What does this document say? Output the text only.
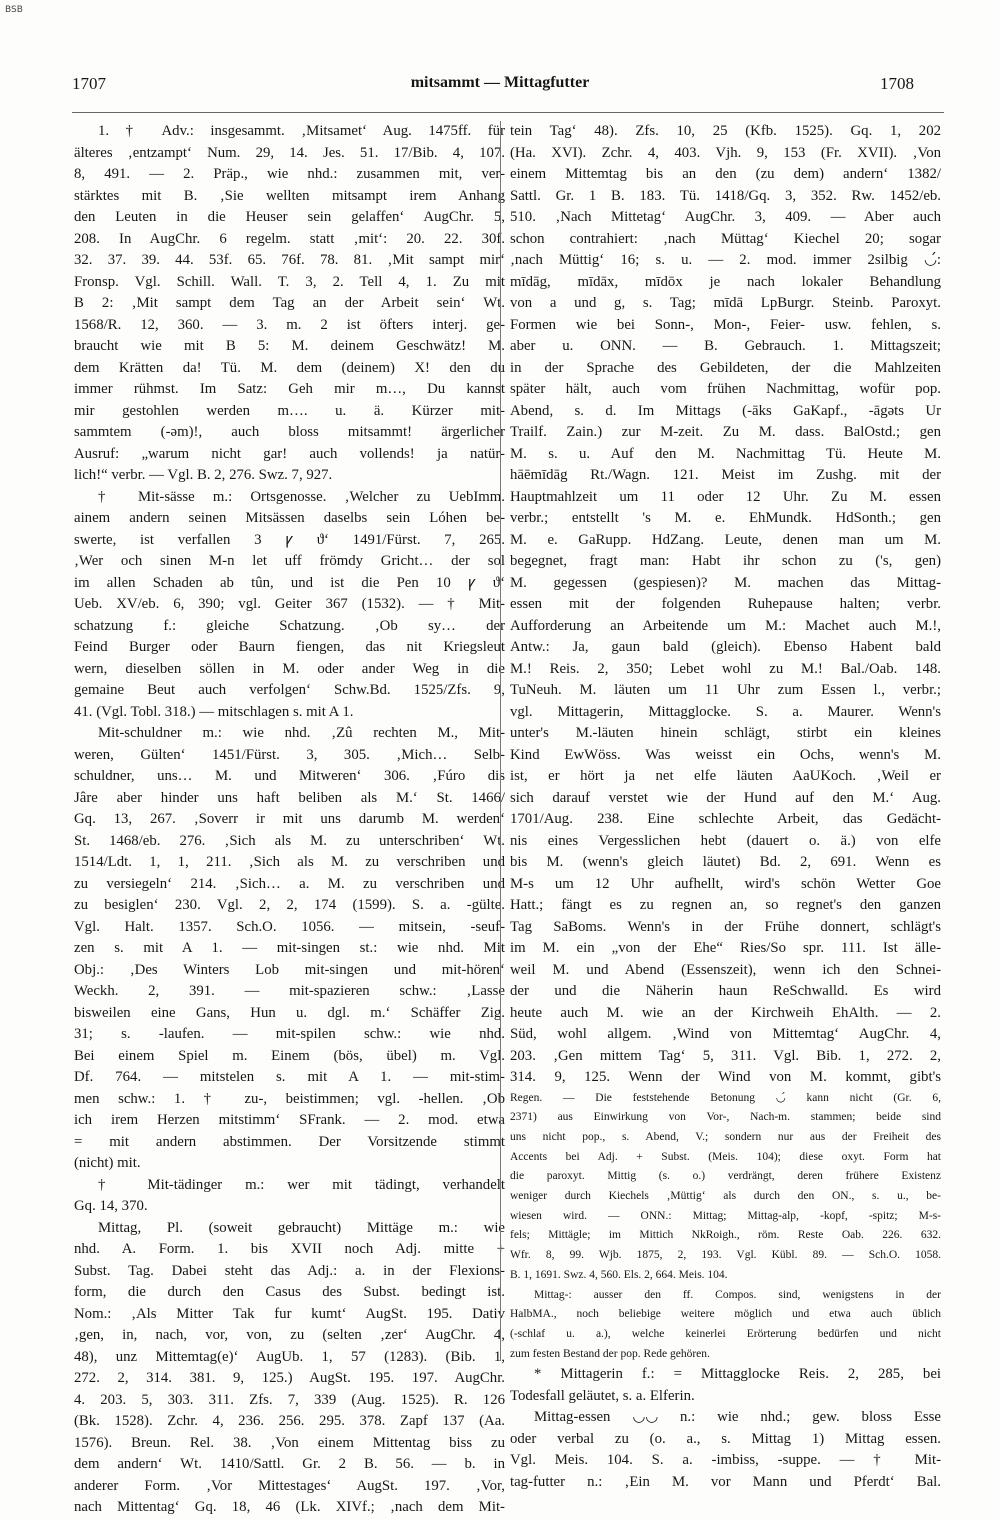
BSB
1707	mitsammt — Mittagfutter	1708
1. † Adv.: insgesammt. ‚Mitsamet‘ Aug. 1475ff. für
älteres ‚entzampt‘ Num. 29, 14. Jes. 51. 17/Bib. 4, 107.
8, 491. — 2. Präp., wie nhd.: zusammen mit, ver-
stärktes mit B. ‚Sie wellten mitsampt irem Anhang
den Leuten in die Heuser sein gelaffen‘ AugChr. 5,
208. In AugChr. 6 regelm. statt ‚mit‘: 20. 22. 30f.
32. 37. 39. 44. 53f. 65. 76f. 78. 81. ‚Mit sampt mir‘
Fronsp. Vgl. Schill. Wall. T. 3, 2. Tell 4, 1. Zu mit
B 2: ‚Mit sampt dem Tag an der Arbeit sein‘ Wt.
1568/R. 12, 360. — 3. m. 2 ist öfters interj. ge-
braucht wie mit B 5: M. deinem Geschwätz! M.
dem Krätten da! Tü. M. dem (deinem) X! den du
immer rühmst. Im Satz: Geh mir m…, Du kannst
mir gestohlen werden m…. u. ä. Kürzer mit-
sammtem (-əm)!, auch bloss mitsammt! ärgerlicher
Ausruf: „warum nicht gar! auch vollends! ja natür-
lich!“ verbr. — Vgl. B. 2, 276. Swz. 7, 927.
† Mit-sässe m.: Ortsgenosse. ‚Welcher zu UebImm.
ainem andern seinen Mitsässen daselbs sein Lóhen be-
swerte, ist verfallen 3 ꝩ ϑ‘ 1491/Fürst. 7, 265.
‚Wer och sinen M-n let uff frömdy Gricht… der sol
im allen Schaden ab tûn, und ist die Pen 10 ꝩ ϑ‘
Ueb. XV/eb. 6, 390; vgl. Geiter 367 (1532). — † Mit-
schatzung f.: gleiche Schatzung. ‚Ob sy… der
Feind Burger oder Baurn fiengen, das nit Kriegsleut
wern, dieselben söllen in M. oder ander Weg in die
gemaine Beut auch verfolgen‘ Schw.Bd. 1525/Zfs. 9,
41. (Vgl. Tobl. 318.) — mitschlagen s. mit A 1.
Mit-schuldner m.: wie nhd. ‚Zû rechten M., Mit-
weren, Gülten‘ 1451/Fürst. 3, 305. ‚Mich… Selb-
schuldner, uns… M. und Mitweren‘ 306. ‚Fúro dis
Jâre aber hinder uns haft beliben als M.‘ St. 1466/
Gq. 13, 267. ‚Soverr ir mit uns darumb M. werden‘
St. 1468/eb. 276. ‚Sich als M. zu unterschriben‘ Wt.
1514/Ldt. 1, 1, 211. ‚Sich als M. zu verschriben und
zu versiegeln‘ 214. ‚Sich… a. M. zu verschriben und
zu besiglen‘ 230. Vgl. 2, 2, 174 (1599). S. a. -gülte.
Vgl. Halt. 1357. Sch.O. 1056. — mitsein, -seuf-
zen s. mit A 1. — mit-singen st.: wie nhd. Mit
Obj.: ‚Des Winters Lob mit-singen und mit-hören‘
Weckh. 2, 391. — mit-spazieren schw.: ‚Lasse
bisweilen eine Gans, Hun u. dgl. m.‘ Schäffer Zig.
31; s. -laufen. — mit-spilen schw.: wie nhd.
Bei einem Spiel m. Einem (bös, übel) m. Vgl.
Df. 764. — mitstelen s. mit A 1. — mit-stim-
men schw.: 1. † zu-, beistimmen; vgl. -hellen. ‚Ob
ich irem Herzen mitstimm‘ SFrank. — 2. mod. etwa
= mit andern abstimmen. Der Vorsitzende stimmt
(nicht) mit.
† Mit-tädinger m.: wer mit tädingt, verhandelt
Gq. 14, 370.
Mittag, Pl. (soweit gebraucht) Mittäge m.: wie
nhd. A. Form. 1. bis XVII noch Adj. mitte +
Subst. Tag. Dabei steht das Adj.: a. in der Flexions-
form, die durch den Casus des Subst. bedingt ist.
Nom.: ‚Als Mitter Tak fur kumt‘ AugSt. 195. Dativ
‚gen, in, nach, vor, von, zu (selten ‚zer‘ AugChr. 4,
48), unz Mittemtag(e)‘ AugUb. 1, 57 (1283). (Bib. 1,
272. 2, 314. 381. 9, 125.) AugSt. 195. 197. AugChr.
4. 203. 5, 303. 311. Zfs. 7, 339 (Aug. 1525). R. 126
(Bk. 1528). Zchr. 4, 236. 256. 295. 378. Zapf 137 (Aa.
1576). Breun. Rel. 38. ‚Von einem Mittentag biss zu
dem andern‘ Wt. 1410/Sattl. Gr. 2 B. 56. — b. in
anderer Form. ‚Vor Mittestages‘ AugSt. 197. ‚Vor,
nach Mittentag‘ Gq. 18, 46 (Lk. XIVf.; ‚nach dem Mit-
tein Tag‘ 48). Zfs. 10, 25 (Kfb. 1525). Gq. 1, 202
(Ha. XVI). Zchr. 4, 403. Vjh. 9, 153 (Fr. XVII). ‚Von
einem Mittemtag bis an den (zu dem) andern‘ 1382/
Sattl. Gr. 1 B. 183. Tü. 1418/Gq. 3, 352. Rw. 1452/eb.
510. ‚Nach Mittetag‘ AugChr. 3, 409. — Aber auch
schon contrahiert: ‚nach Müttag‘ Kiechel 20; sogar
‚nach Müttig‘ 16; s. u. — 2. mod. immer 2silbig ◡́:
mīdāg, mīdāx, mīdōx je nach lokaler Behandlung
von a und g, s. Tag; mīdā LpBurgr. Steinb. Paroxyt.
Formen wie bei Sonn-, Mon-, Feier- usw. fehlen, s.
aber u. ONN. — B. Gebrauch. 1. Mittagszeit;
in der Sprache des Gebildeten, der die Mahlzeiten
später hält, auch vom frühen Nachmittag, wofür pop.
Abend, s. d. Im Mittags (-āks GaKapf., -āgəts Ur
Trailf. Zain.) zur M-zeit. Zu M. dass. BalOstd.; gen
M. s. u. Auf den M. Nachmittag Tü. Heute M.
hāēmīdāg Rt./Wagn. 121. Meist im Zushg. mit der
Hauptmahlzeit um 11 oder 12 Uhr. Zu M. essen
verbr.; entstellt 's M. e. EhMundk. HdSonth.; gen
M. e. GaRupp. HdZang. Leute, denen man um M.
begegnet, fragt man: Habt ihr schon zu ('s, gen)
M. gegessen (gespiesen)? M. machen das Mittag-
essen mit der folgenden Ruhepause halten; verbr.
Aufforderung an Arbeitende um M.: Machet auch M.!,
Antw.: Ja, gaun bald (gleich). Ebenso Habent bald
M.! Reis. 2, 350; Lebet wohl zu M.! Bal./Oab. 148.
TuNeuh. M. läuten um 11 Uhr zum Essen l., verbr.;
vgl. Mittagerin, Mittagglocke. S. a. Maurer. Wenn's
unter's M.-läuten hinein schlägt, stirbt ein kleines
Kind EwWöss. Was weisst ein Ochs, wenn's M.
ist, er hört ja net elfe läuten AaUKoch. ‚Weil er
sich darauf verstet wie der Hund auf den M.‘ Aug.
1701/Aug. 238. Eine schlechte Arbeit, das Gedächt-
nis eines Vergesslichen hebt (dauert o. ä.) von elfe
bis M. (wenn's gleich läutet) Bd. 2, 691. Wenn es
M-s um 12 Uhr aufhellt, wird's schön Wetter Goe
Hatt.; fängt es zu regnen an, so regnet's den ganzen
Tag SaBoms. Wenn's in der Frühe donnert, schlägt's
im M. ein „von der Ehe“ Ries/So spr. 111. Ist älle-
weil M. und Abend (Essenszeit), wenn ich den Schnei-
der und die Näherin haun ReSchwalld. Es wird
heute auch M. wie an der Kirchweih EhAlth. — 2.
Süd, wohl allgem. ‚Wind von Mittemtag‘ AugChr. 4,
203. ‚Gen mittem Tag‘ 5, 311. Vgl. Bib. 1, 272. 2,
314. 9, 125. Wenn der Wind von M. kommt, gibt's
Regen. — Die feststehende Betonung ◡́ kann nicht (Gr. 6,
2371) aus Einwirkung von Vor-, Nach-m. stammen; beide sind
uns nicht pop., s. Abend, V.; sondern nur aus der Freiheit des
Accents bei Adj. + Subst. (Meis. 104); diese oxyt. Form hat
die paroxyt. Mittig (s. o.) verdrängt, deren frühere Existenz
weniger durch Kiechels ‚Müttig‘ als durch den ON., s. u., be-
wiesen wird. — ONN.: Mittag; Mittag-alp, -kopf, -spitz; M-s-
fels; Mittägle; im Mittich NkRoigh., röm. Reste Oab. 226. 632.
Wfr. 8, 99. Wjb. 1875, 2, 193. Vgl. Kübl. 89. — Sch.O. 1058.
B. 1, 1691. Swz. 4, 560. Els. 2, 664. Meis. 104.
Mittag-: ausser den ff. Compos. sind, wenigstens in der
HalbMA., noch beliebige weitere möglich und etwa auch üblich
(-schlaf u. a.), welche keinerlei Erörterung bedürfen und nicht
zum festen Bestand der pop. Rede gehören.
* Mittagerin f.: = Mittagglocke Reis. 2, 285, bei
Todesfall geläutet, s. a. Elferin.
Mittag-essen ◡◡ n.: wie nhd.; gew. bloss Esse
oder verbal zu (o. a., s. Mittag 1) Mittag essen.
Vgl. Meis. 104. S. a. -imbiss, -suppe. — † Mit-
tag-futter n.: ‚Ein M. vor Mann und Pferdt‘ Bal.
